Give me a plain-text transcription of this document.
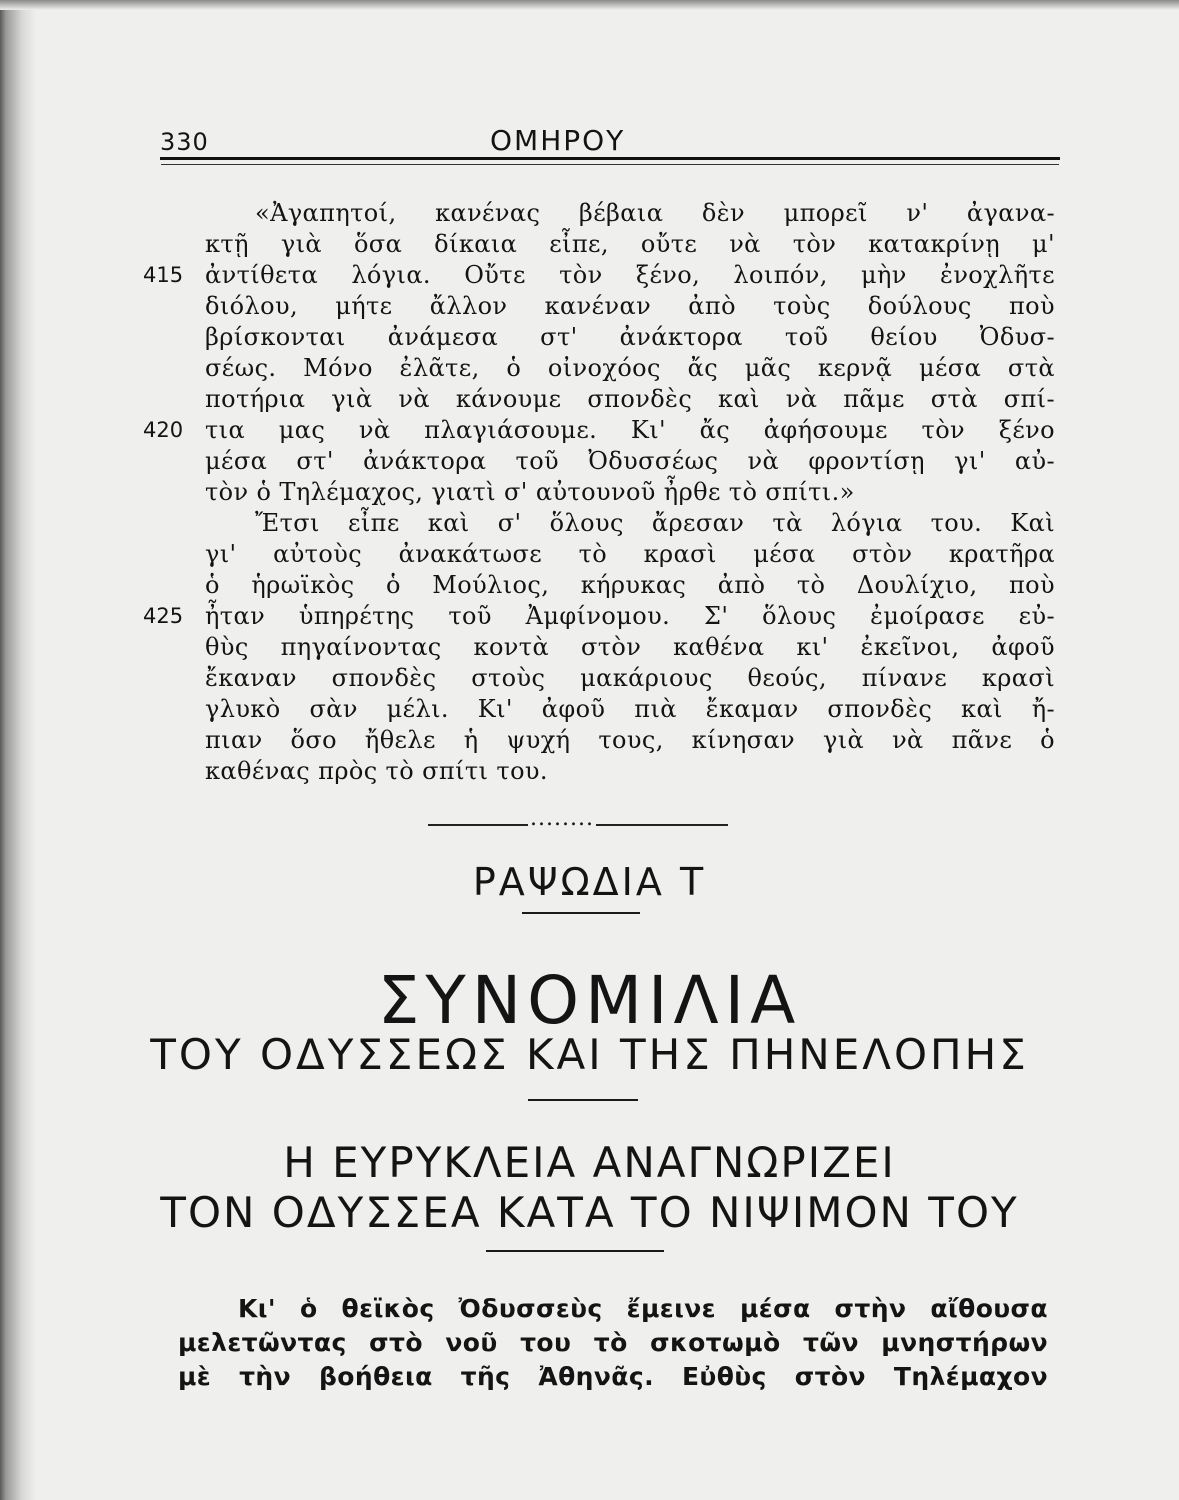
330	ΟΜΗΡΟΥ
«Ἀγαπητοί, κανένας βέβαια δὲν μπορεῖ ν' ἀγανα-
κτῇ γιὰ ὅσα δίκαια εἶπε, οὔτε νὰ τὸν κατακρίνῃ μ'
415 ἀντίθετα λόγια. Οὔτε τὸν ξένο, λοιπόν, μὴν ἐνοχλῆτε
διόλου, μήτε ἄλλον κανέναν ἀπὸ τοὺς δούλους ποὺ
βρίσκονται ἀνάμεσα στ' ἀνάκτορα τοῦ θείου Ὀδυσ-
σέως. Μόνο ἐλᾶτε, ὁ οἰνοχόος ἄς μᾶς κερνᾷ μέσα στὰ
ποτήρια γιὰ νὰ κάνουμε σπονδὲς καὶ νὰ πᾶμε στὰ σπί-
420 τια μας νὰ πλαγιάσουμε. Κι' ἄς ἀφήσουμε τὸν ξένο
μέσα στ' ἀνάκτορα τοῦ Ὀδυσσέως νὰ φροντίσῃ γι' αὐ-
τὸν ὁ Τηλέμαχος, γιατὶ σ' αὐτουνοῦ ἦρθε τὸ σπίτι.»
Ἔτσι εἶπε καὶ σ' ὅλους ἄρεσαν τὰ λόγια του. Καὶ
γι' αὐτοὺς ἀνακάτωσε τὸ κρασὶ μέσα στὸν κρατῆρα
ὁ ἡρωϊκὸς ὁ Μούλιος, κήρυκας ἀπὸ τὸ Δουλίχιο, ποὺ
425 ἦταν ὑπηρέτης τοῦ Ἀμφίνομου. Σ' ὅλους ἐμοίρασε εὐ-
θὺς πηγαίνοντας κοντὰ στὸν καθένα κι' ἐκεῖνοι, ἀφοῦ
ἔκαναν σπονδὲς στοὺς μακάριους θεούς, πίνανε κρασὶ
γλυκὸ σὰν μέλι. Κι' ἀφοῦ πιὰ ἔκαμαν σπονδὲς καὶ ἤ-
πιαν ὅσο ἤθελε ἡ ψυχή τους, κίνησαν γιὰ νὰ πᾶνε ὁ
καθένας πρὸς τὸ σπίτι του.
........
ΡΑΨΩΔΙΑ Τ
ΣΥΝΟΜΙΛΙΑ
ΤΟΥ ΟΔΥΣΣΕΩΣ ΚΑΙ ΤΗΣ ΠΗΝΕΛΟΠΗΣ
Η ΕΥΡΥΚΛΕΙΑ ΑΝΑΓΝΩΡΙΖΕΙ
ΤΟΝ ΟΔΥΣΣΕΑ ΚΑΤΑ ΤΟ ΝΙΨΙΜΟΝ ΤΟΥ
Κι' ὁ θεϊκὸς Ὀδυσσεὺς ἔμεινε μέσα στὴν αἴθουσα
μελετῶντας στὸ νοῦ του τὸ σκοτωμὸ τῶν μνηστήρων
μὲ τὴν βοήθεια τῆς Ἀθηνᾶς. Εὐθὺς στὸν Τηλέμαχον
